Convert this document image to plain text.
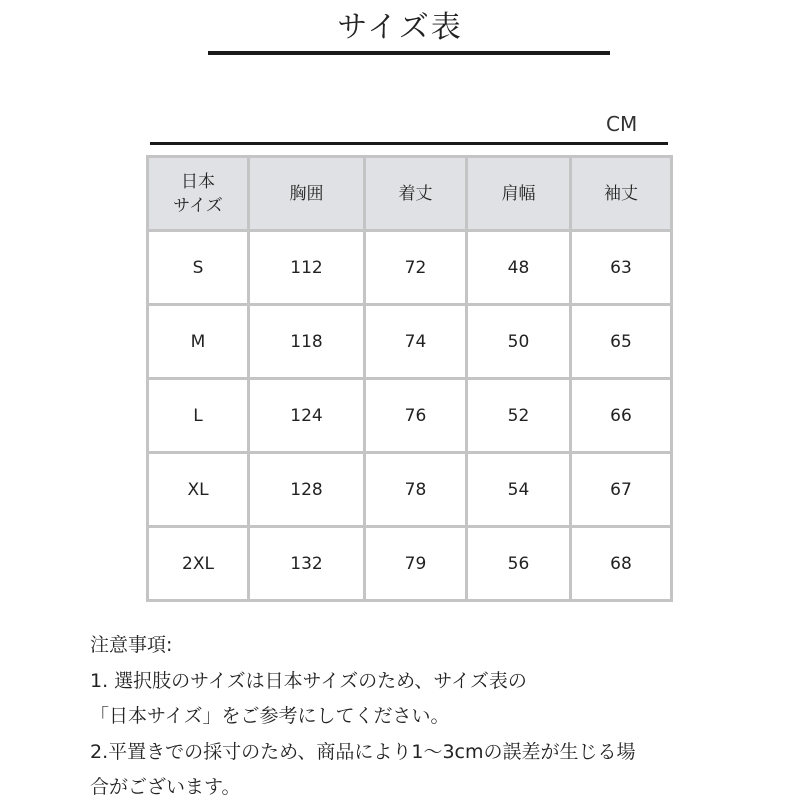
サイズ表
CM
日本
サイズ	胸囲	着丈	肩幅	袖丈
S	112	72	48	63
M	118	74	50	65
L	124	76	52	66
XL	128	78	54	67
2XL	132	79	56	68
注意事項:
1. 選択肢のサイズは日本サイズのため、サイズ表の
「日本サイズ」をご参考にしてください。
2.平置きでの採寸のため、商品により1～3cmの誤差が生じる場
合がございます。
